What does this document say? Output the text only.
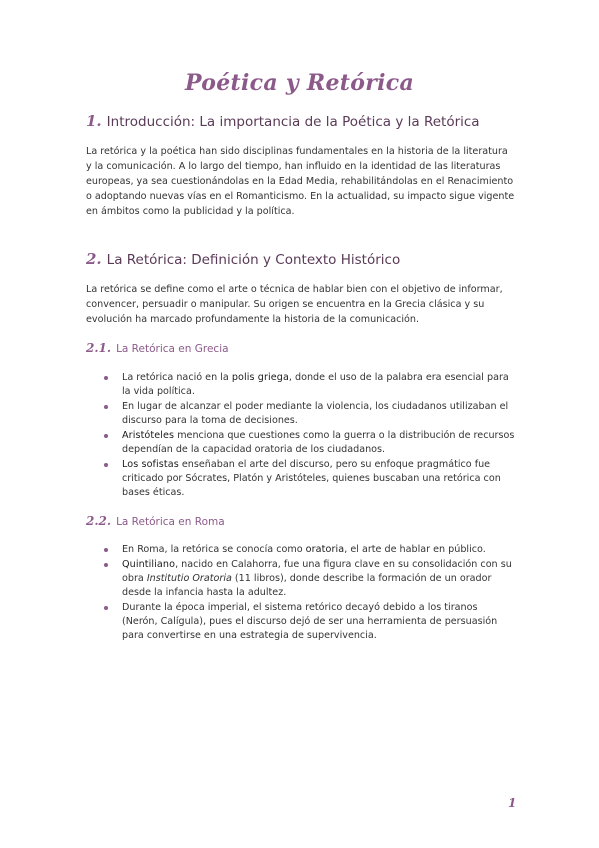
Poética y Retórica
1. Introducción: La importancia de la Poética y la Retórica
La retórica y la poética han sido disciplinas fundamentales en la historia de la literatura y la comunicación. A lo largo del tiempo, han influido en la identidad de las literaturas europeas, ya sea cuestionándolas en la Edad Media, rehabilitándolas en el Renacimiento o adoptando nuevas vías en el Romanticismo. En la actualidad, su impacto sigue vigente en ámbitos como la publicidad y la política.
2. La Retórica: Definición y Contexto Histórico
La retórica se define como el arte o técnica de hablar bien con el objetivo de informar, convencer, persuadir o manipular. Su origen se encuentra en la Grecia clásica y su evolución ha marcado profundamente la historia de la comunicación.
2.1. La Retórica en Grecia
La retórica nació en la polis griega, donde el uso de la palabra era esencial para la vida política.
En lugar de alcanzar el poder mediante la violencia, los ciudadanos utilizaban el discurso para la toma de decisiones.
Aristóteles menciona que cuestiones como la guerra o la distribución de recursos dependían de la capacidad oratoria de los ciudadanos.
Los sofistas enseñaban el arte del discurso, pero su enfoque pragmático fue criticado por Sócrates, Platón y Aristóteles, quienes buscaban una retórica con bases éticas.
2.2. La Retórica en Roma
En Roma, la retórica se conocía como oratoria, el arte de hablar en público.
Quintiliano, nacido en Calahorra, fue una figura clave en su consolidación con su obra Institutio Oratoria (11 libros), donde describe la formación de un orador desde la infancia hasta la adultez.
Durante la época imperial, el sistema retórico decayó debido a los tiranos (Nerón, Calígula), pues el discurso dejó de ser una herramienta de persuasión para convertirse en una estrategia de supervivencia.
1
